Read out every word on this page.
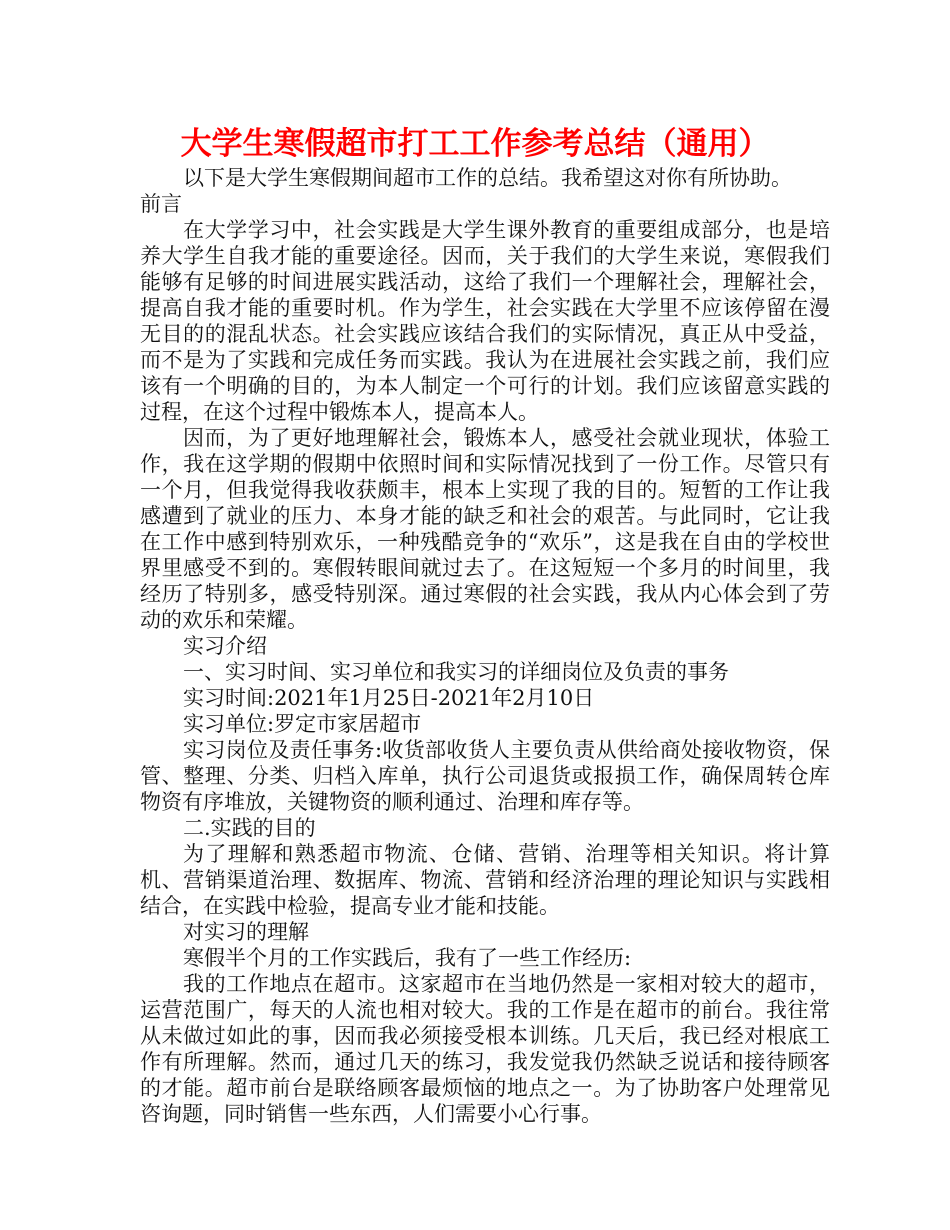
大学生寒假超市打工工作参考总结（通用）

以下是大学生寒假期间超市工作的总结。我希望这对你有所协助。

前言

在大学学习中，社会实践是大学生课外教育的重要组成部分，也是培养大学生自我才能的重要途径。因而，关于我们的大学生来说，寒假我们能够有足够的时间进展实践活动，这给了我们一个理解社会，理解社会，提高自我才能的重要时机。作为学生，社会实践在大学里不应该停留在漫无目的的混乱状态。社会实践应该结合我们的实际情况，真正从中受益，而不是为了实践和完成任务而实践。我认为在进展社会实践之前，我们应该有一个明确的目的，为本人制定一个可行的计划。我们应该留意实践的过程，在这个过程中锻炼本人，提高本人。

因而，为了更好地理解社会，锻炼本人，感受社会就业现状，体验工作，我在这学期的假期中依照时间和实际情况找到了一份工作。尽管只有一个月，但我觉得我收获颇丰，根本上实现了我的目的。短暂的工作让我感遭到了就业的压力、本身才能的缺乏和社会的艰苦。与此同时，它让我在工作中感到特别欢乐，一种残酷竞争的“欢乐”，这是我在自由的学校世界里感受不到的。寒假转眼间就过去了。在这短短一个多月的时间里，我经历了特别多，感受特别深。通过寒假的社会实践，我从内心体会到了劳动的欢乐和荣耀。

实习介绍

一、实习时间、实习单位和我实习的详细岗位及负责的事务

实习时间:2021年1月25日-2021年2月10日

实习单位:罗定市家居超市

实习岗位及责任事务:收货部收货人主要负责从供给商处接收物资，保管、整理、分类、归档入库单，执行公司退货或报损工作，确保周转仓库物资有序堆放，关键物资的顺利通过、治理和库存等。

二.实践的目的

为了理解和熟悉超市物流、仓储、营销、治理等相关知识。将计算机、营销渠道治理、数据库、物流、营销和经济治理的理论知识与实践相结合，在实践中检验，提高专业才能和技能。

对实习的理解

寒假半个月的工作实践后，我有了一些工作经历:

我的工作地点在超市。这家超市在当地仍然是一家相对较大的超市，运营范围广，每天的人流也相对较大。我的工作是在超市的前台。我往常从未做过如此的事，因而我必须接受根本训练。几天后，我已经对根底工作有所理解。然而，通过几天的练习，我发觉我仍然缺乏说话和接待顾客的才能。超市前台是联络顾客最烦恼的地点之一。为了协助客户处理常见咨询题，同时销售一些东西，人们需要小心行事。
